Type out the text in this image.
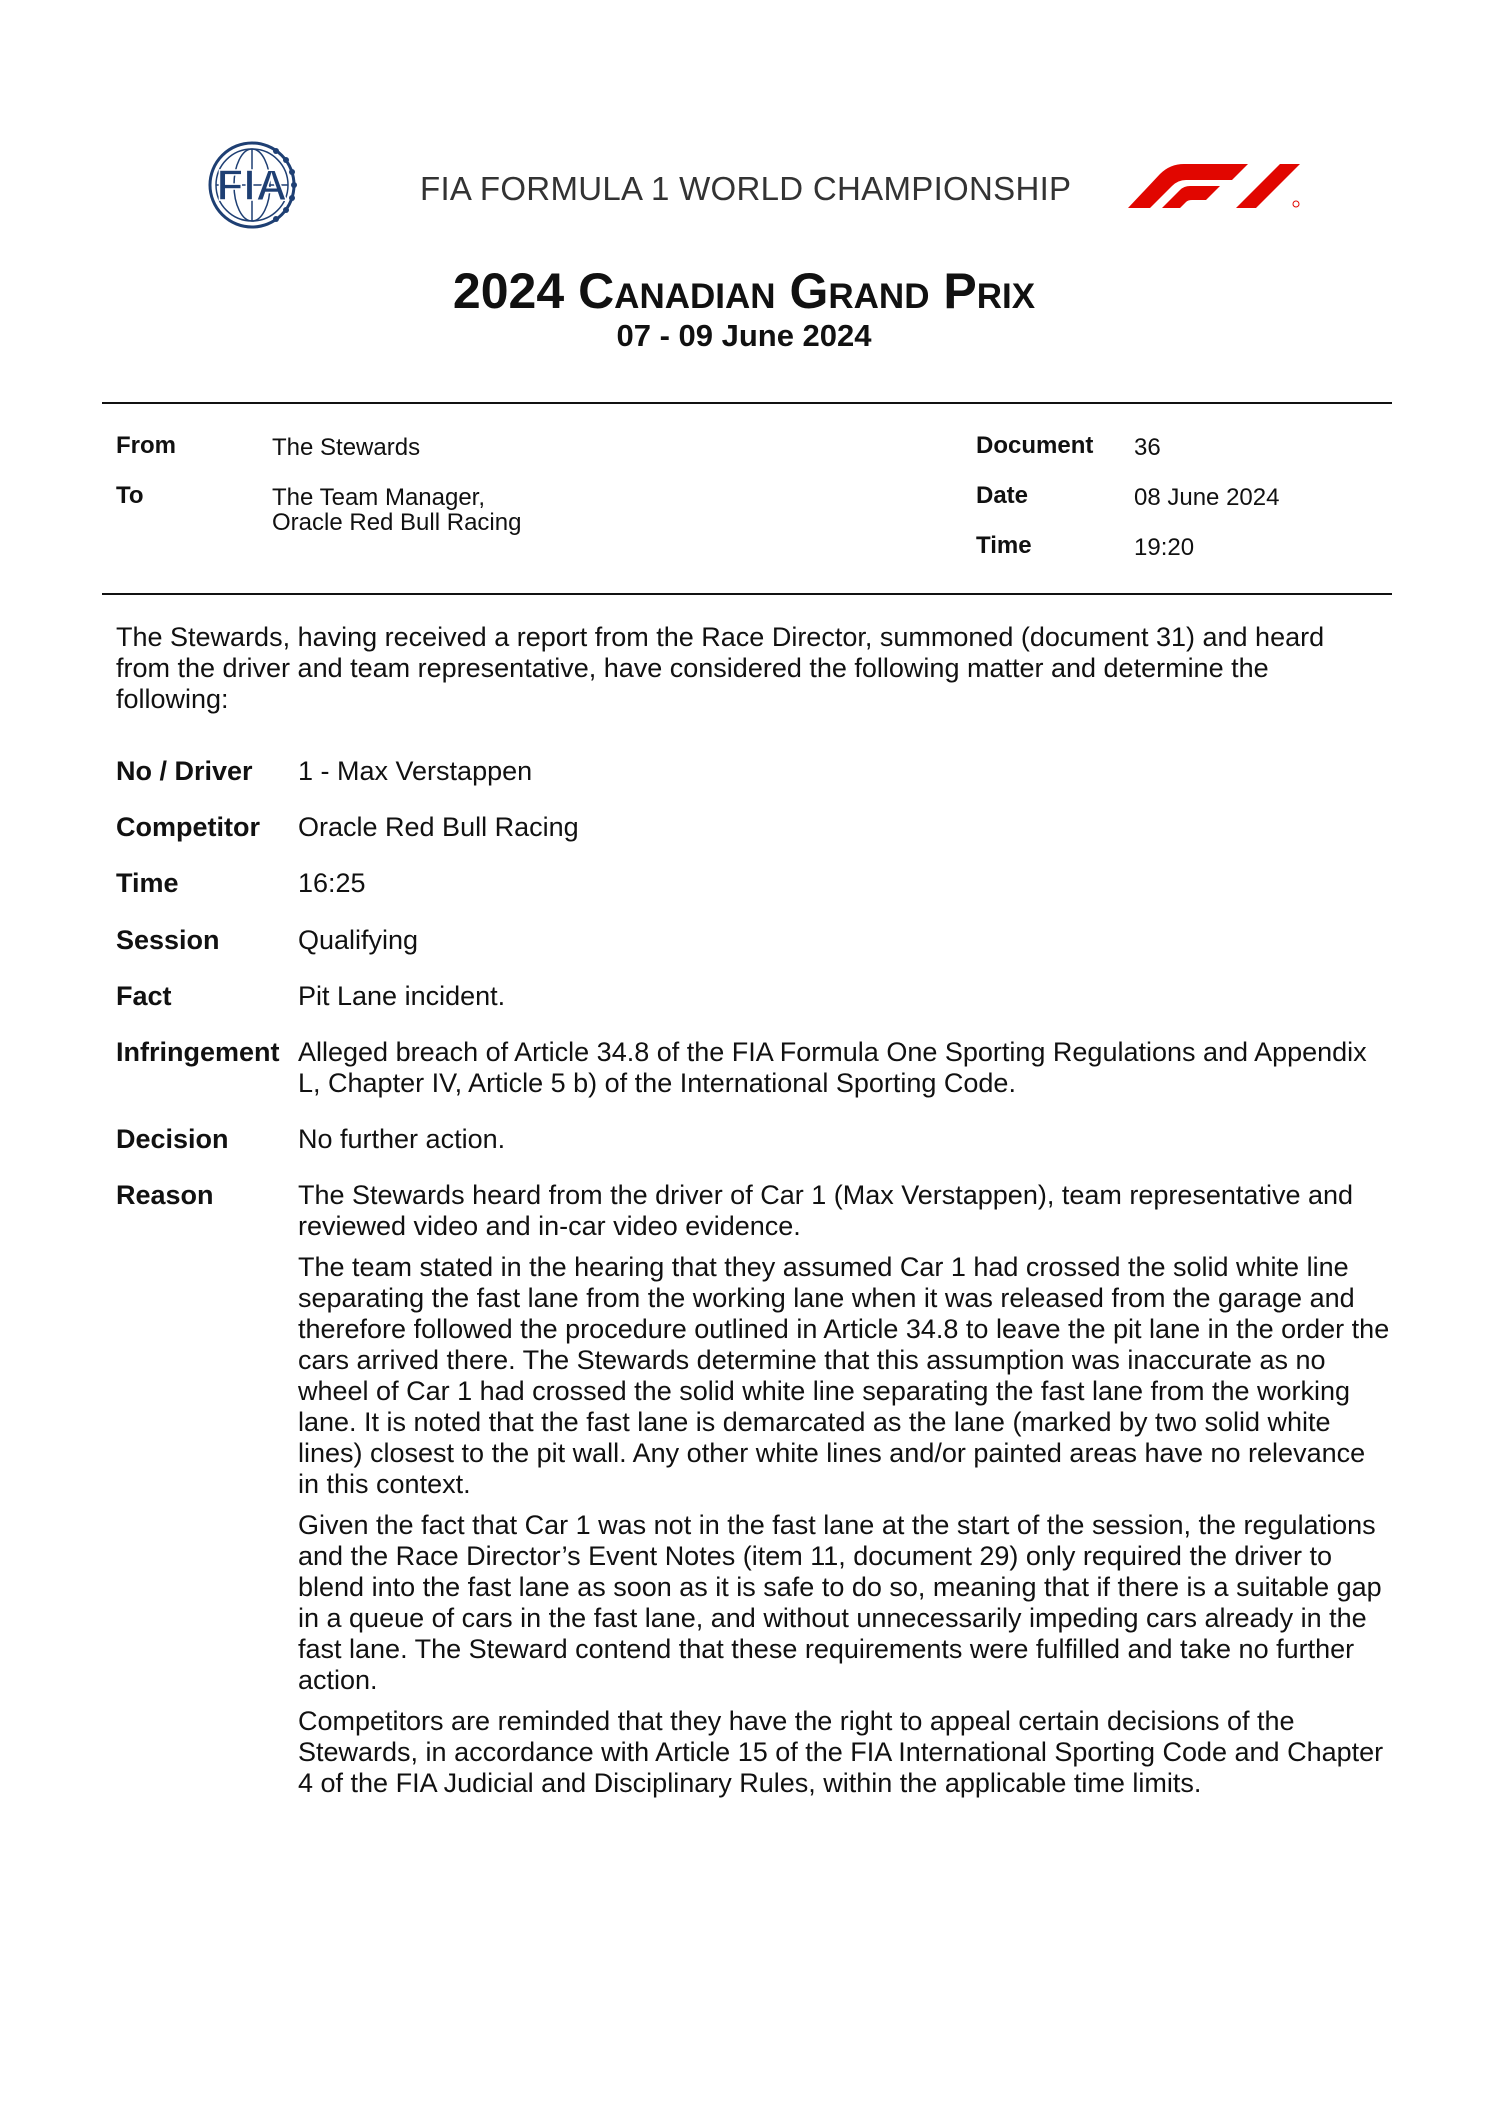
FIA	FIA FORMULA 1 WORLD CHAMPIONSHIP
2024 Canadian Grand Prix
07 - 09 June 2024
From	The Stewards
To	The Team Manager,
Oracle Red Bull Racing
Document 36
Date	08 June 2024
Time	19:20
The Stewards, having received a report from the Race Director, summoned (document 31) and heard from the driver and team representative, have considered the following matter and determine the following:
No / Driver 1 - Max Verstappen
Competitor Oracle Red Bull Racing
Time	16:25
Session	Qualifying
Fact	Pit Lane incident.
Infringement Alleged breach of Article 34.8 of the FIA Formula One Sporting Regulations and Appendix L, Chapter IV, Article 5 b) of the International Sporting Code.
Decision	No further action.
Reason	The Stewards heard from the driver of Car 1 (Max Verstappen), team representative and reviewed video and in-car video evidence.

The team stated in the hearing that they assumed Car 1 had crossed the solid white line separating the fast lane from the working lane when it was released from the garage and therefore followed the procedure outlined in Article 34.8 to leave the pit lane in the order the cars arrived there. The Stewards determine that this assumption was inaccurate as no wheel of Car 1 had crossed the solid white line separating the fast lane from the working lane. It is noted that the fast lane is demarcated as the lane (marked by two solid white lines) closest to the pit wall. Any other white lines and/or painted areas have no relevance in this context.

Given the fact that Car 1 was not in the fast lane at the start of the session, the regulations and the Race Director’s Event Notes (item 11, document 29) only required the driver to blend into the fast lane as soon as it is safe to do so, meaning that if there is a suitable gap in a queue of cars in the fast lane, and without unnecessarily impeding cars already in the fast lane. The Steward contend that these requirements were fulfilled and take no further action.

Competitors are reminded that they have the right to appeal certain decisions of the Stewards, in accordance with Article 15 of the FIA International Sporting Code and Chapter 4 of the FIA Judicial and Disciplinary Rules, within the applicable time limits.
